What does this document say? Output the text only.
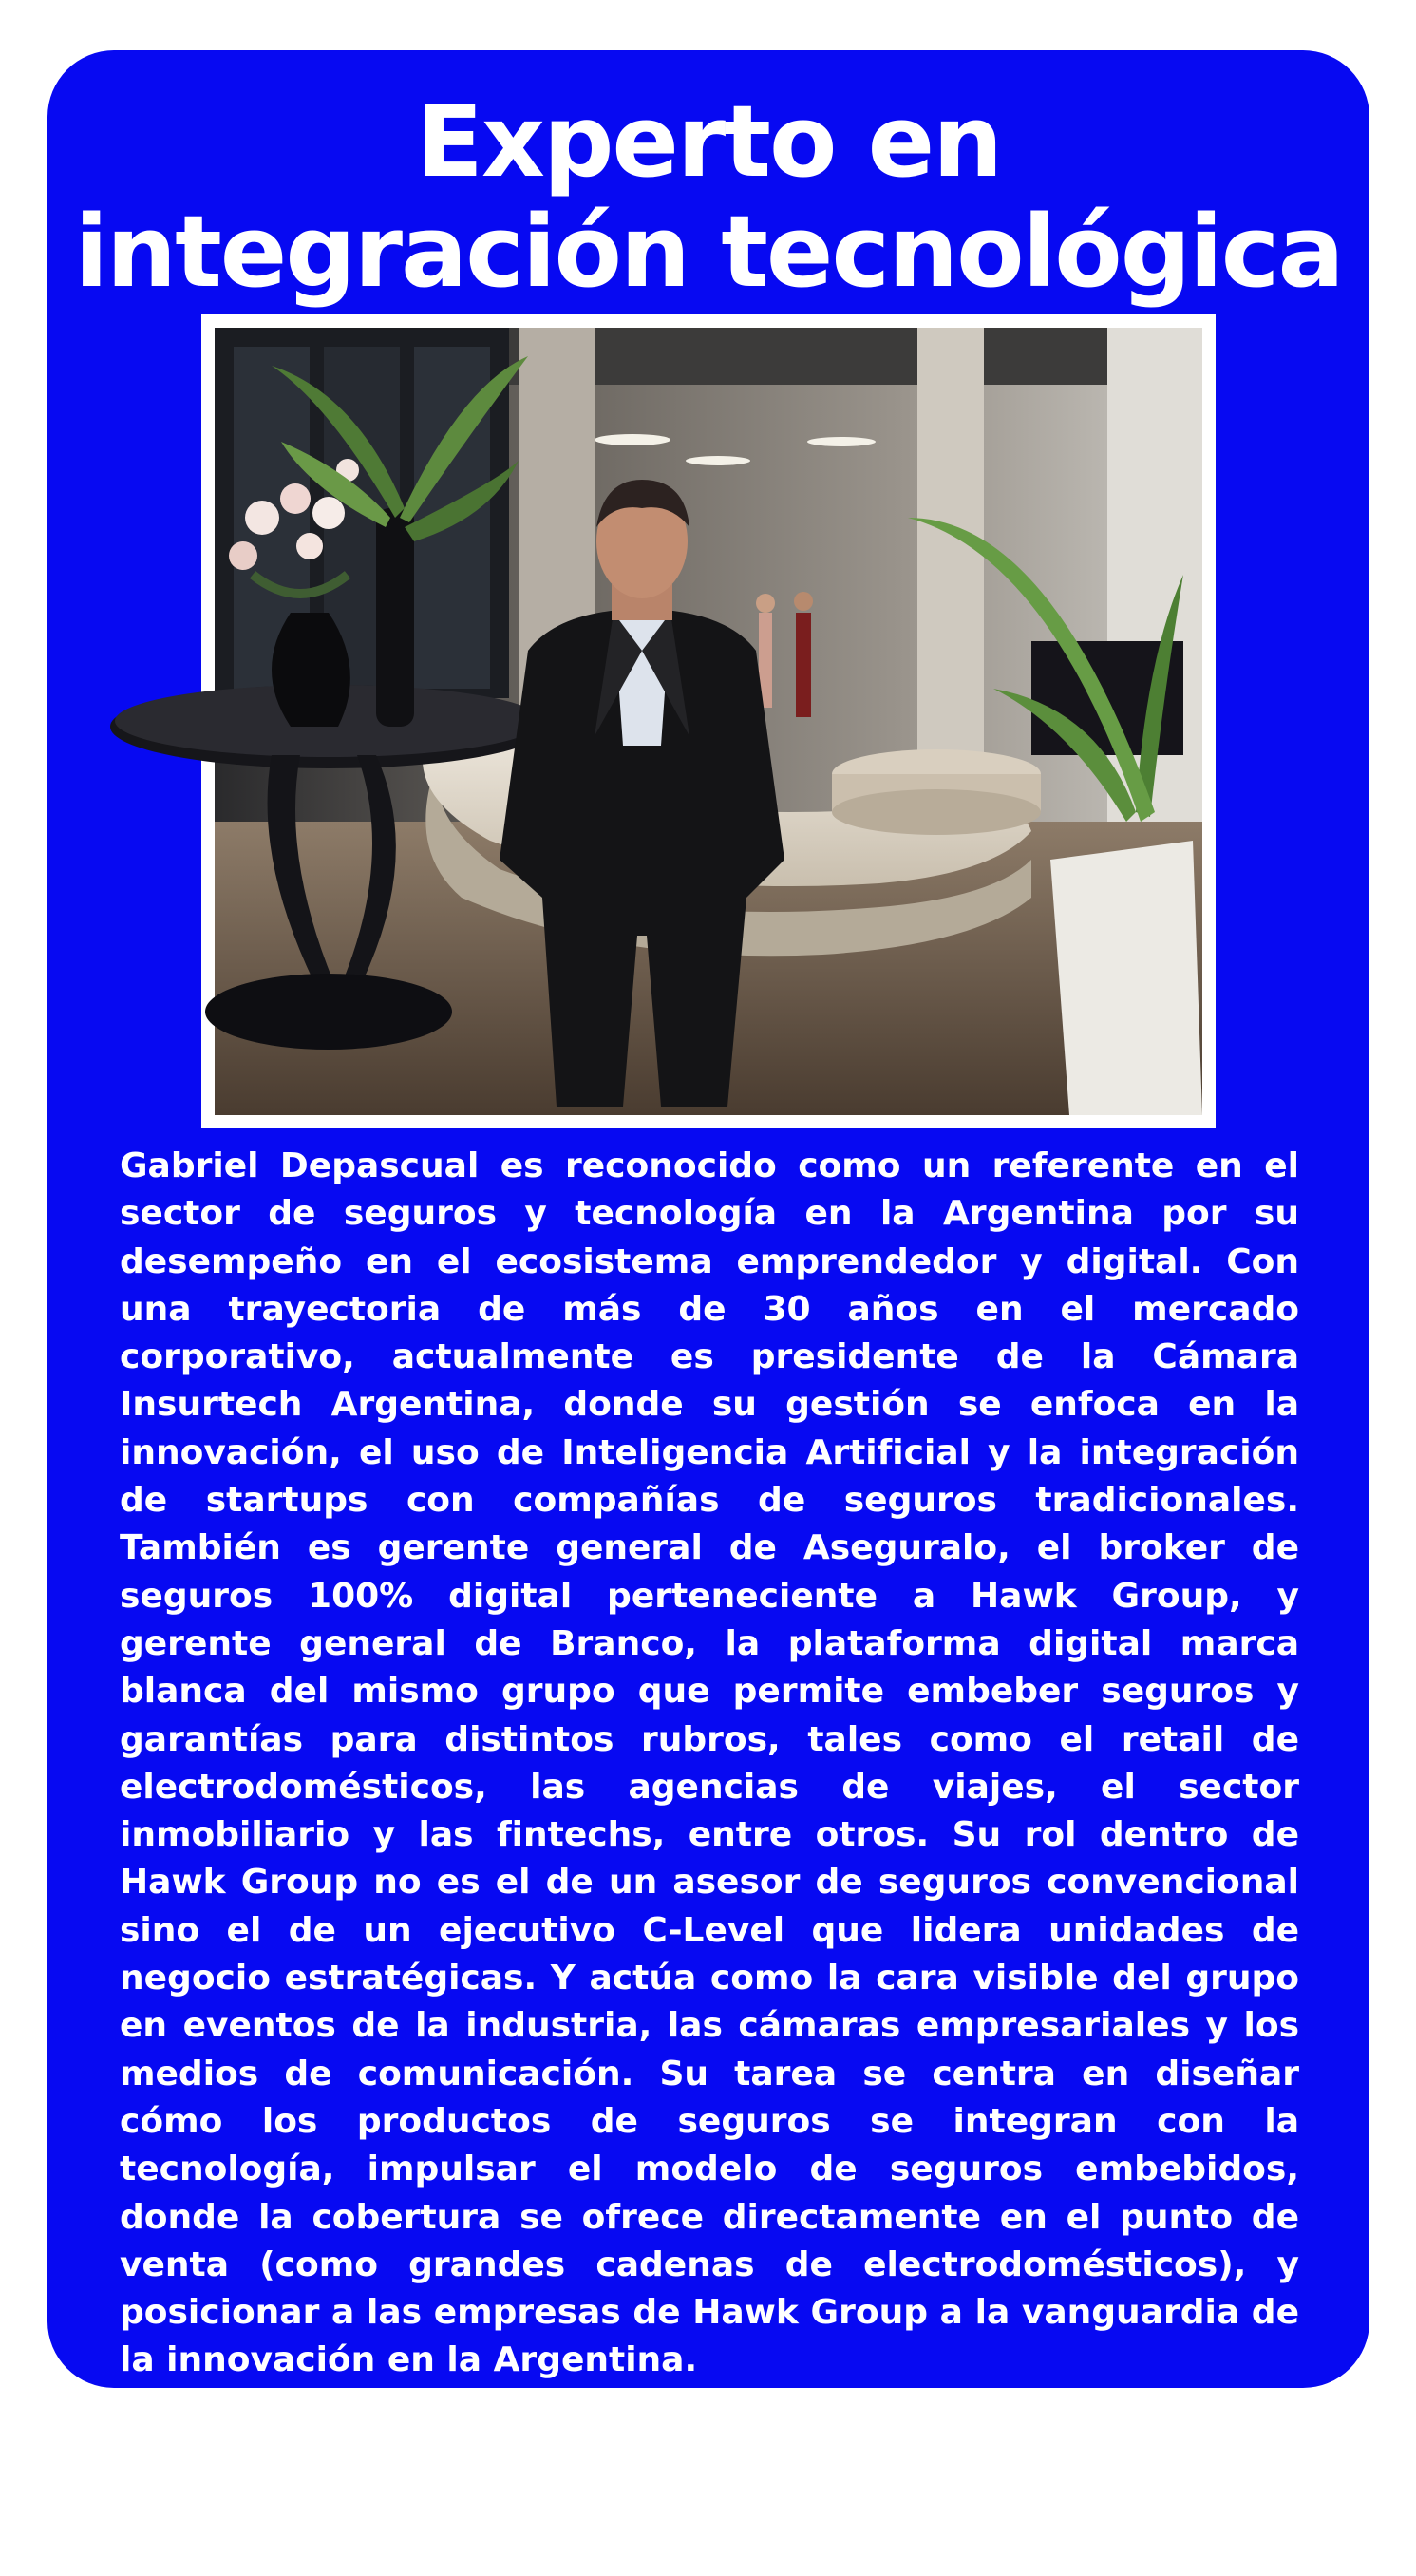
Experto en
integración tecnológica

Gabriel Depascual es reconocido como un referente en el sector de seguros y tecnología en la Argentina por su desempeño en el ecosistema emprendedor y digital. Con una trayectoria de más de 30 años en el mercado corporativo, actualmente es presidente de la Cámara Insurtech Argentina, donde su gestión se enfoca en la innovación, el uso de Inteligencia Artificial y la integración de startups con compañías de seguros tradicionales. También es gerente general de Aseguralo, el broker de seguros 100% digital perteneciente a Hawk Group, y gerente general de Branco, la plataforma digital marca blanca del mismo grupo que permite embeber seguros y garantías para distintos rubros, tales como el retail de electrodomésticos, las agencias de viajes, el sector inmobiliario y las fintechs, entre otros. Su rol dentro de Hawk Group no es el de un asesor de seguros convencional sino el de un ejecutivo C-Level que lidera unidades de negocio estratégicas. Y actúa como la cara visible del grupo en eventos de la industria, las cámaras empresariales y los medios de comunicación. Su tarea se centra en diseñar cómo los productos de seguros se integran con la tecnología, impulsar el modelo de seguros embebidos, donde la cobertura se ofrece directamente en el punto de venta (como grandes cadenas de electrodomésticos), y posicionar a las empresas de Hawk Group a la vanguardia de la innovación en la Argentina.

“La tecnología debe ser un facilitador para que la experiencia del asegurado sea más ágil, dinámica y segura sin perder el valor del asesoramiento profesional”, explica el ejecutivo en diálogo con Informe.
